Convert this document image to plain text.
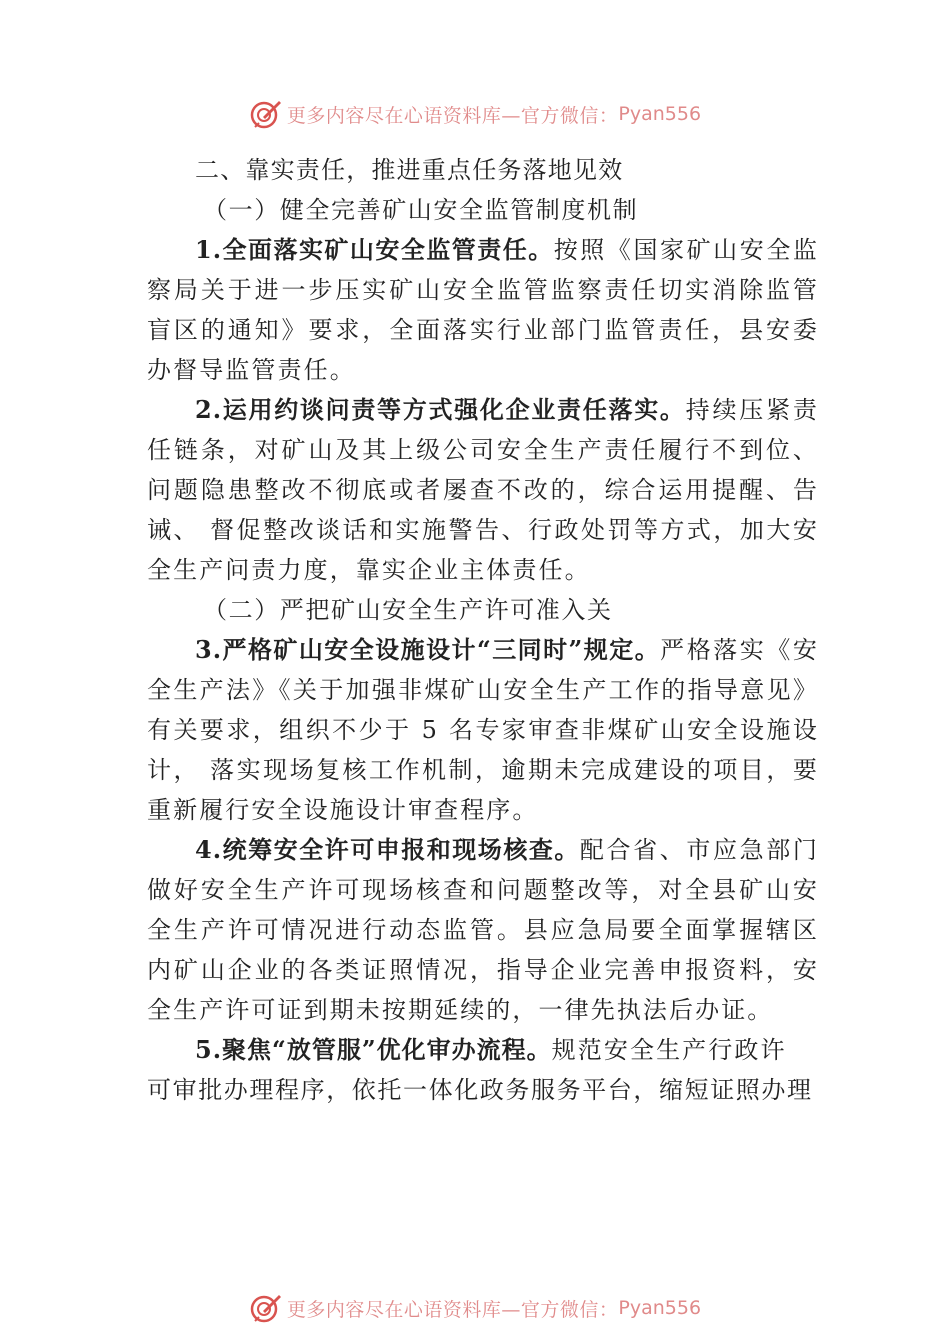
更多内容尽在心语资料库—官方微信： Pyan556

二、靠实责任，推进重点任务落地见效

（一）健全完善矿山安全监管制度机制

1.全面落实矿山安全监管责任。按照《国家矿山安全监察局关于进一步压实矿山安全监管监察责任切实消除监管盲区的通知》要求，全面落实行业部门监管责任，县安委办督导监管责任。

2.运用约谈问责等方式强化企业责任落实。持续压紧责任链条，对矿山及其上级公司安全生产责任履行不到位、问题隐患整改不彻底或者屡查不改的，综合运用提醒、告诫、 督促整改谈话和实施警告、行政处罚等方式，加大安全生产问责力度，靠实企业主体责任。

（二）严把矿山安全生产许可准入关

3.严格矿山安全设施设计“三同时”规定。严格落实《安全生产法》《关于加强非煤矿山安全生产工作的指导意见》有关要求，组织不少于 5 名专家审查非煤矿山安全设施设计， 落实现场复核工作机制，逾期未完成建设的项目，要重新履行安全设施设计审查程序。

4.统筹安全许可申报和现场核查。配合省、市应急部门做好安全生产许可现场核查和问题整改等，对全县矿山安全生产许可情况进行动态监管。县应急局要全面掌握辖区内矿山企业的各类证照情况，指导企业完善申报资料，安全生产许可证到期未按期延续的，一律先执法后办证。

5.聚焦“放管服”优化审办流程。规范安全生产行政许

可审批办理程序，依托一体化政务服务平台，缩短证照办理

更多内容尽在心语资料库—官方微信： Pyan556
